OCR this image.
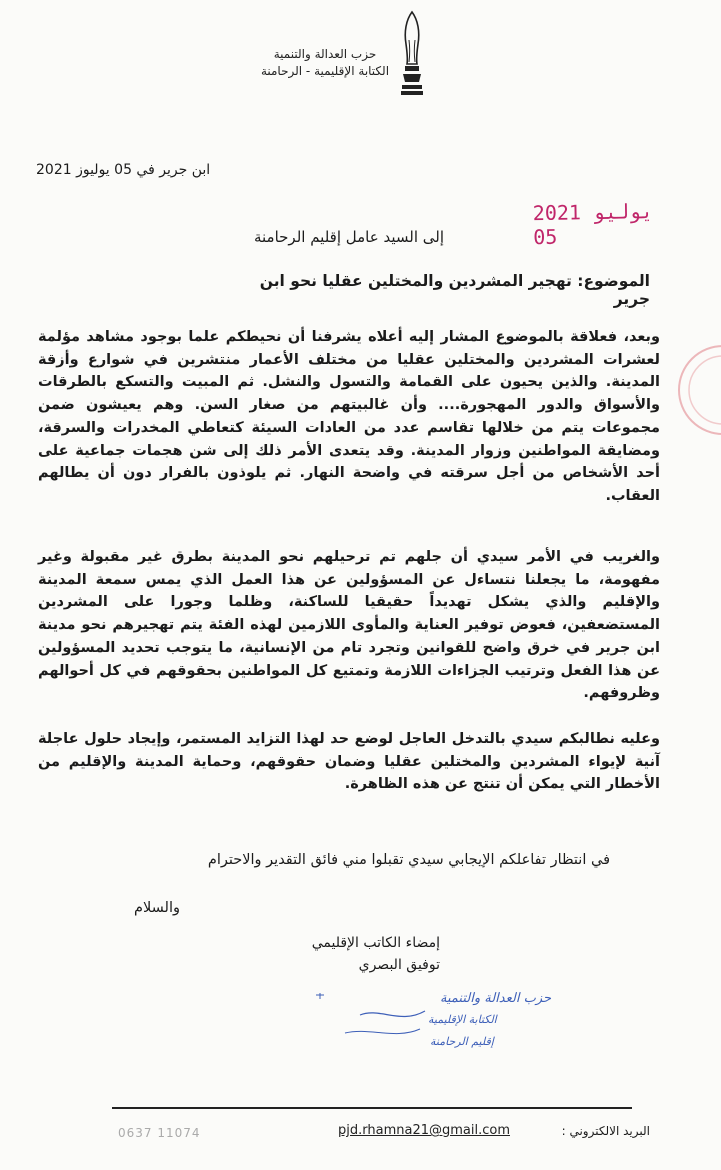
حزب العدالة والتنمية
الكتابة الإقليمية - الرحامنة
ابن جرير في 05 يوليوز 2021
2021 يوليو 05
إلى السيد عامل إقليم الرحامنة
الموضوع: تهجير المشردين والمختلين عقليا نحو ابن جرير
وبعد، فعلاقة بالموضوع المشار إليه أعلاه يشرفنا أن نحيطكم علما بوجود مشاهد مؤلمة لعشرات المشردين والمختلين عقليا من مختلف الأعمار منتشرين في شوارع وأزقة المدينة. والذين يحيون على القمامة والتسول والنشل. ثم المبيت والتسكع بالطرقات والأسواق والدور المهجورة.... وأن غالبيتهم من صغار السن. وهم يعيشون ضمن مجموعات يتم من خلالها تقاسم عدد من العادات السيئة كتعاطي المخدرات والسرقة، ومضايقة المواطنين وزوار المدينة. وقد يتعدى الأمر ذلك إلى شن هجمات جماعية على أحد الأشخاص من أجل سرقته في واضحة النهار. ثم يلوذون بالفرار دون أن يطالهم العقاب.
والغريب في الأمر سيدي أن جلهم تم ترحيلهم نحو المدينة بطرق غير مقبولة وغير مفهومة، ما يجعلنا نتساءل عن المسؤولين عن هذا العمل الذي يمس سمعة المدينة والإقليم والذي يشكل تهديداً حقيقيا للساكنة، وظلما وجورا على المشردين المستضعفين، فعوض توفير العناية والمأوى اللازمين لهذه الفئة يتم تهجيرهم نحو مدينة ابن جرير في خرق واضح للقوانين وتجرد تام من الإنسانية، ما يتوجب تحديد المسؤولين عن هذا الفعل وترتيب الجزاءات اللازمة وتمتيع كل المواطنين بحقوقهم في كل أحوالهم وظروفهم.
وعليه نطالبكم سيدي بالتدخل العاجل لوضع حد لهذا التزايد المستمر، وإيجاد حلول عاجلة آنية لإيواء المشردين والمختلين عقليا وضمان حقوقهم، وحماية المدينة والإقليم من الأخطار التي يمكن أن تنتج عن هذه الظاهرة.
في انتظار تفاعلكم الإيجابي سيدي تقبلوا مني فائق التقدير والاحترام
والسلام
إمضاء الكاتب الإقليمي
توفيق البصري
حزب العدالة والتنمية
الكتابة الإقليمية
إقليم الرحامنة
البريد الالكتروني :
pjd.rhamna21@gmail.com
0637 11074
